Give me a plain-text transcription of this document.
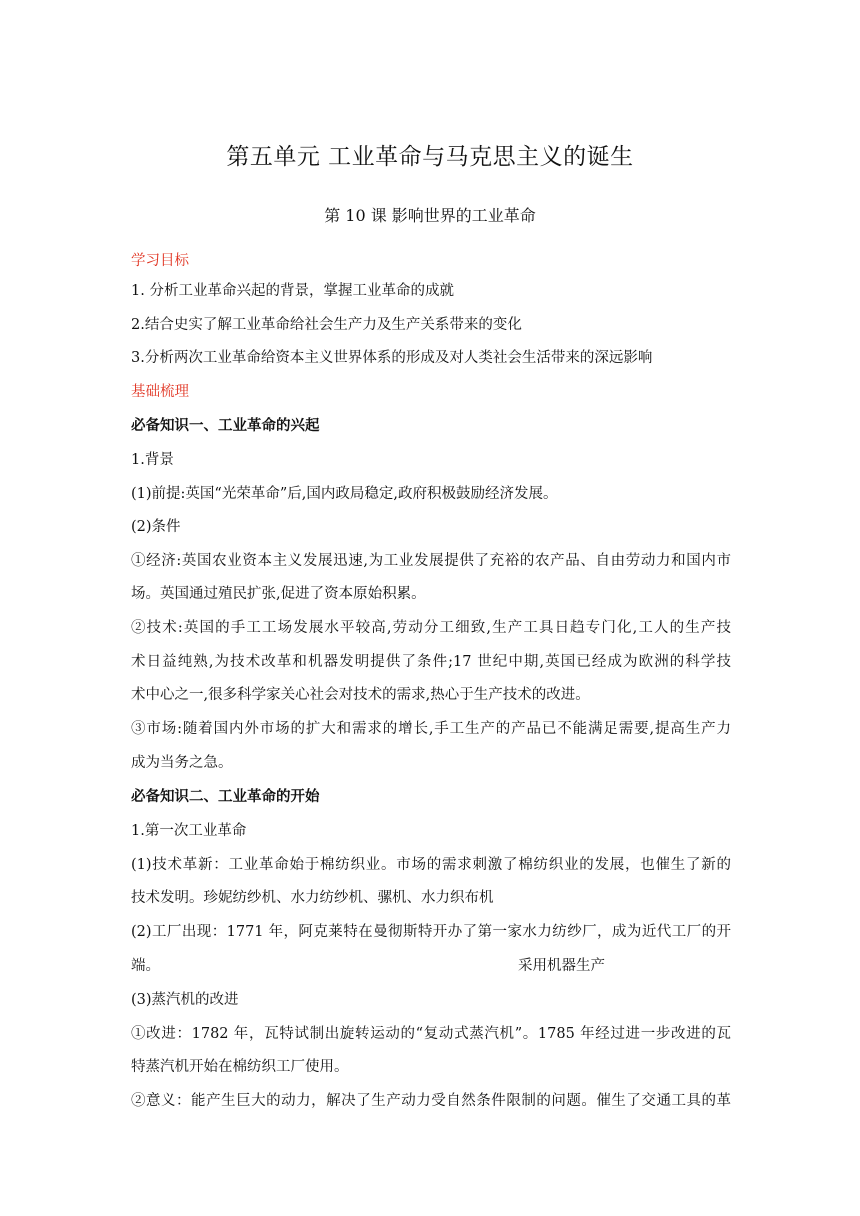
第五单元 工业革命与马克思主义的诞生
第 10 课 影响世界的工业革命
学习目标
1. 分析工业革命兴起的背景，掌握工业革命的成就
2.结合史实了解工业革命给社会生产力及生产关系带来的变化
3.分析两次工业革命给资本主义世界体系的形成及对人类社会生活带来的深远影响
基础梳理
必备知识一、工业革命的兴起
1.背景
(1)前提:英国“光荣革命”后,国内政局稳定,政府积极鼓励经济发展。
(2)条件
①经济:英国农业资本主义发展迅速,为工业发展提供了充裕的农产品、自由劳动力和国内市
场。英国通过殖民扩张,促进了资本原始积累。
②技术:英国的手工工场发展水平较高,劳动分工细致,生产工具日趋专门化,工人的生产技
术日益纯熟,为技术改革和机器发明提供了条件;17 世纪中期,英国已经成为欧洲的科学技
术中心之一,很多科学家关心社会对技术的需求,热心于生产技术的改进。
③市场:随着国内外市场的扩大和需求的增长,手工生产的产品已不能满足需要,提高生产力
成为当务之急。
必备知识二、工业革命的开始
1.第一次工业革命
(1)技术革新：工业革命始于棉纺织业。市场的需求刺激了棉纺织业的发展，也催生了新的
技术发明。珍妮纺纱机、水力纺纱机、骡机、水力织布机
(2)工厂出现：1771 年，阿克莱特在曼彻斯特开办了第一家水力纺纱厂，成为近代工厂的开
端。	采用机器生产
(3)蒸汽机的改进
①改进：1782 年，瓦特试制出旋转运动的“复动式蒸汽机”。1785 年经过进一步改进的瓦
特蒸汽机开始在棉纺织工厂使用。
②意义：能产生巨大的动力，解决了生产动力受自然条件限制的问题。催生了交通工具的革
